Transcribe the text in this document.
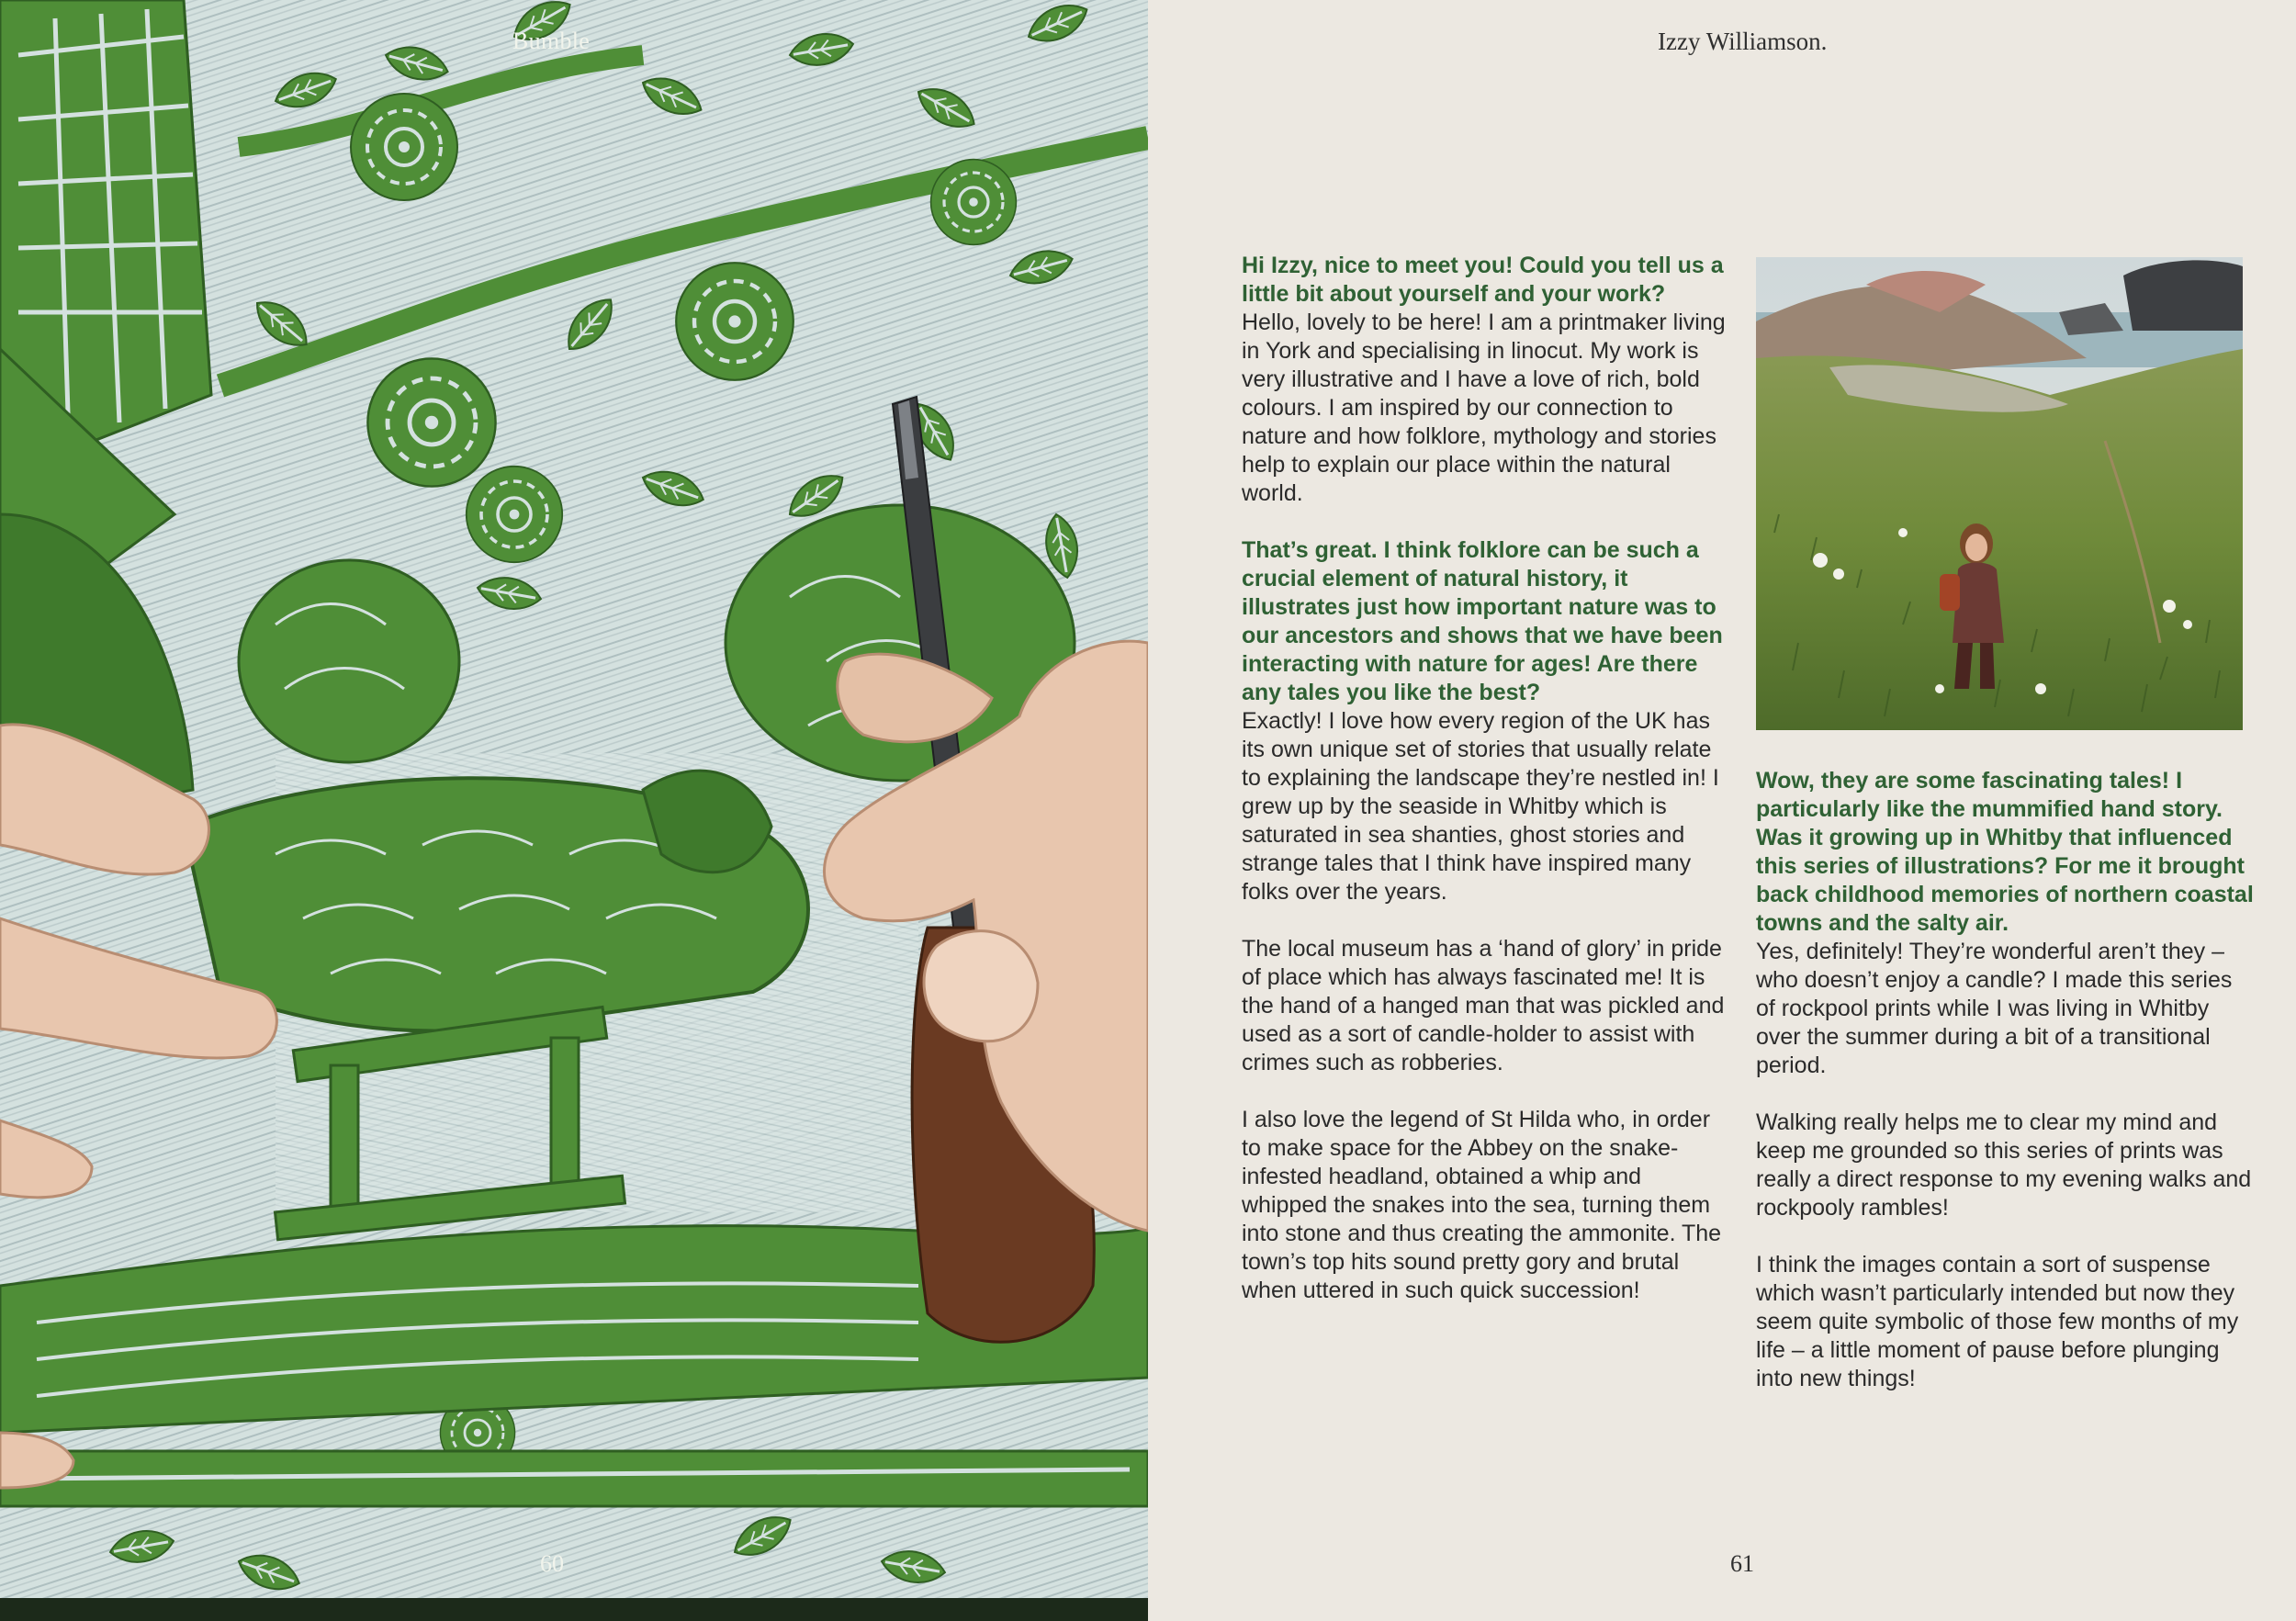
Bumble
60
Izzy Williamson.

Hi Izzy, nice to meet you! Could you tell us a little bit about yourself and your work?
Hello, lovely to be here! I am a printmaker living in York and specialising in linocut. My work is very illustrative and I have a love of rich, bold colours. I am inspired by our connection to nature and how folklore, mythology and stories help to explain our place within the natural world.

That’s great. I think folklore can be such a crucial element of natural history, it illustrates just how important nature was to our ancestors and shows that we have been interacting with nature for ages! Are there any tales you like the best?
Exactly! I love how every region of the UK has its own unique set of stories that usually relate to explaining the landscape they’re nestled in! I grew up by the seaside in Whitby which is saturated in sea shanties, ghost stories and strange tales that I think have inspired many folks over the years.

The local museum has a ‘hand of glory’ in pride of place which has always fascinated me! It is the hand of a hanged man that was pickled and used as a sort of candle-holder to assist with crimes such as robberies.

I also love the legend of St Hilda who, in order to make space for the Abbey on the snake-infested headland, obtained a whip and whipped the snakes into the sea, turning them into stone and thus creating the ammonite. The town’s top hits sound pretty gory and brutal when uttered in such quick succession!

Wow, they are some fascinating tales! I particularly like the mummified hand story. Was it growing up in Whitby that influenced this series of illustrations? For me it brought back childhood memories of northern coastal towns and the salty air.
Yes, definitely! They’re wonderful aren’t they – who doesn’t enjoy a candle? I made this series of rockpool prints while I was living in Whitby over the summer during a bit of a transitional period.

Walking really helps me to clear my mind and keep me grounded so this series of prints was really a direct response to my evening walks and rockpooly rambles!

I think the images contain a sort of suspense which wasn’t particularly intended but now they seem quite symbolic of those few months of my life – a little moment of pause before plunging into new things!

61
